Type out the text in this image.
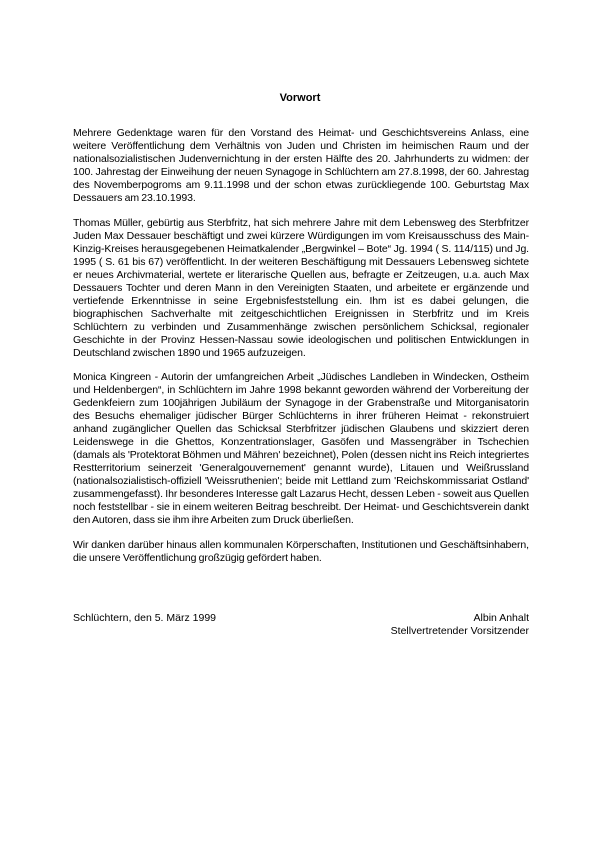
Vorwort

Mehrere Gedenktage waren für den Vorstand des Heimat- und Geschichtsvereins Anlass, eine weitere Veröffentlichung dem Verhältnis von Juden und Christen im heimischen Raum und der nationalsozialistischen Judenvernichtung in der ersten Hälfte des 20. Jahrhunderts zu widmen: der 100. Jahrestag der Einweihung der neuen Synagoge in Schlüchtern am 27.8.1998, der 60. Jahrestag des Novemberpogroms am 9.11.1998 und der schon etwas zurückliegende 100. Geburtstag Max Dessauers am 23.10.1993.

Thomas Müller, gebürtig aus Sterbfritz, hat sich mehrere Jahre mit dem Lebensweg des Sterbfritzer Juden Max Dessauer beschäftigt und zwei kürzere Würdigungen im vom Kreisausschuss des Main-Kinzig-Kreises herausgegebenen Heimatkalender „Bergwinkel – Bote“ Jg. 1994 ( S. 114/115) und Jg. 1995 ( S. 61 bis 67) veröffentlicht. In der weiteren Beschäftigung mit Dessauers Lebensweg sichtete er neues Archivmaterial, wertete er literarische Quellen aus, befragte er Zeitzeugen, u.a. auch Max Dessauers Tochter und deren Mann in den Vereinigten Staaten, und arbeitete er ergänzende und vertiefende Erkenntnisse in seine Ergebnisfeststellung ein. Ihm ist es dabei gelungen, die biographischen Sachverhalte mit zeitgeschichtlichen Ereignissen in Sterbfritz und im Kreis Schlüchtern zu verbinden und Zusammenhänge zwischen persönlichem Schicksal, regionaler Geschichte in der Provinz Hessen-Nassau sowie ideologischen und politischen Entwicklungen in Deutschland zwischen 1890 und 1965 aufzuzeigen.

Monica Kingreen - Autorin der umfangreichen Arbeit „Jüdisches Landleben in Windecken, Ostheim und Heldenbergen“, in Schlüchtern im Jahre 1998 bekannt geworden während der Vorbereitung der Gedenkfeiern zum 100jährigen Jubiläum der Synagoge in der Grabenstraße und Mitorganisatorin des Besuchs ehemaliger jüdischer Bürger Schlüchterns in ihrer früheren Heimat - rekonstruiert anhand zugänglicher Quellen das Schicksal Sterbfritzer jüdischen Glaubens und skizziert deren Leidenswege in die Ghettos, Konzentrationslager, Gasöfen und Massengräber in Tschechien (damals als 'Protektorat Böhmen und Mähren' bezeichnet), Polen (dessen nicht ins Reich integriertes Restterritorium seinerzeit 'Generalgouvernement' genannt wurde), Litauen und Weißrussland (nationalsozialistisch-offiziell 'Weissruthenien'; beide mit Lettland zum 'Reichskommissariat Ostland' zusammengefasst). Ihr besonderes Interesse galt Lazarus Hecht, dessen Leben - soweit aus Quellen noch feststellbar - sie in einem weiteren Beitrag beschreibt. Der Heimat- und Geschichtsverein dankt den Autoren, dass sie ihm ihre Arbeiten zum Druck überließen.

Wir danken darüber hinaus allen kommunalen Körperschaften, Institutionen und Geschäftsinhabern, die unsere Veröffentlichung großzügig gefördert haben.

Schlüchtern, den 5. März 1999	Albin Anhalt
Stellvertretender Vorsitzender
